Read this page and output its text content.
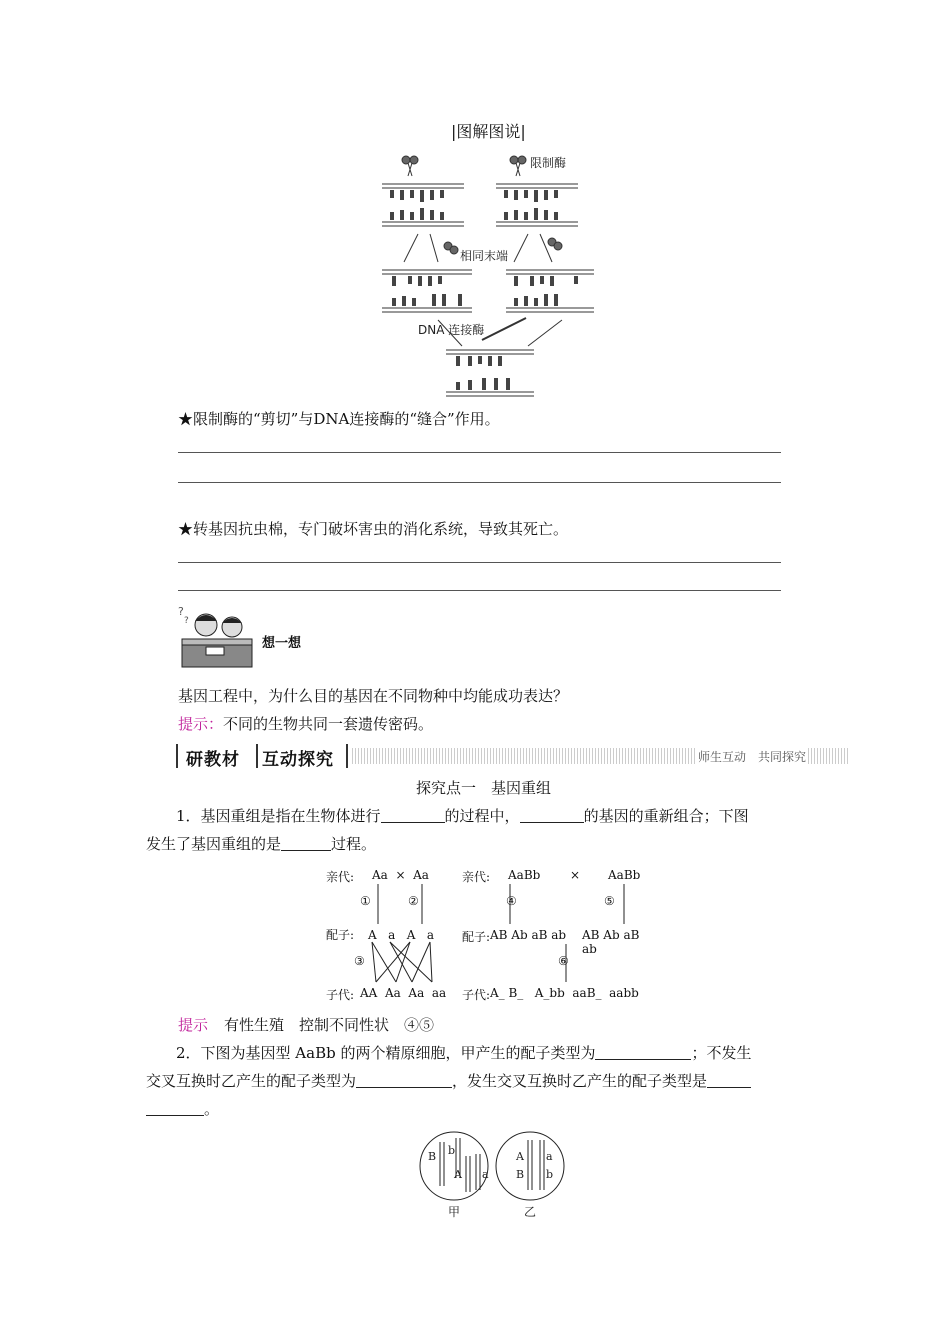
|图解图说|
限制酶
相同末端
DNA 连接酶
★限制酶的“剪切”与DNA连接酶的“缝合”作用。
★转基因抗虫棉，专门破坏害虫的消化系统，导致其死亡。
?
?
想一想
基因工程中，为什么目的基因在不同物种中均能成功表达？
提示：不同的生物共同一套遗传密码。
研教材 互动探究	师生互动　共同探究
探究点一　基因重组
1．基因重组是指在生物体进行	的过程中，	的基因的重新组合；下图
发生了基因重组的是	过程。
亲代: Aa  ×  Aa
①	②
配子: A   a   A   a
③
子代: AA  Aa  Aa  aa
亲代: AaBb × AaBb
④	⑤
配子: AB Ab aB ab AB Ab aB ab
⑥
子代: A_ B_   A_bb  aaB_  aabb
提示 有性生殖　控制不同性状　④⑤
2．下图为基因型 AaBb 的两个精原细胞，甲产生的配子类型为	；不发生
交叉互换时乙产生的配子类型为	，发生交叉互换时乙产生的配子类型是
。
B b
A a
A a
B b
甲	乙
